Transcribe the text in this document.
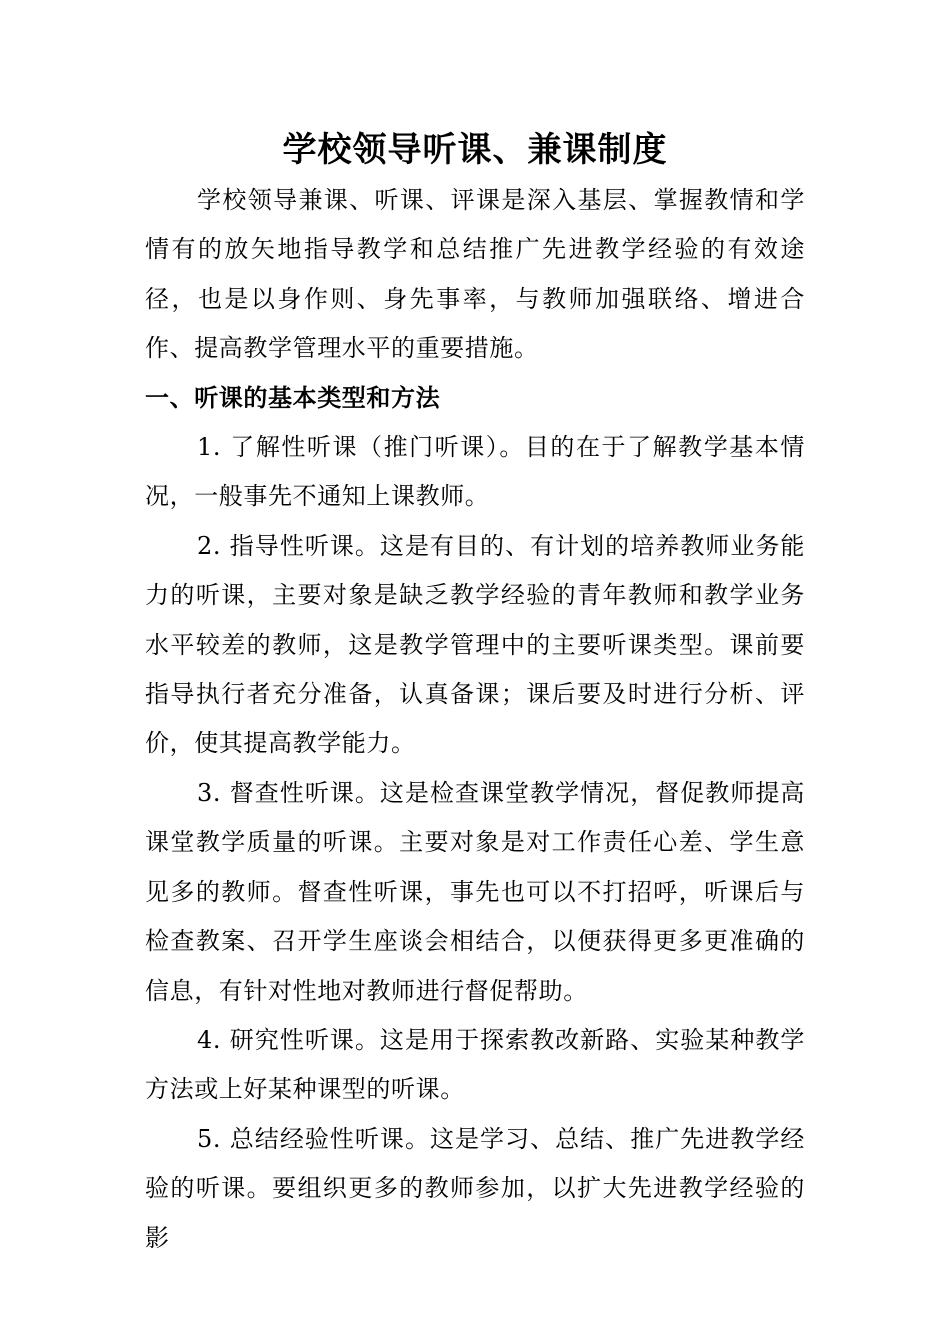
学校领导听课、兼课制度

学校领导兼课、听课、评课是深入基层、掌握教情和学情有的放矢地指导教学和总结推广先进教学经验的有效途径，也是以身作则、身先事率，与教师加强联络、增进合作、提高教学管理水平的重要措施。

一、听课的基本类型和方法

1. 了解性听课（推门听课）。目的在于了解教学基本情况，一般事先不通知上课教师。

2. 指导性听课。这是有目的、有计划的培养教师业务能力的听课，主要对象是缺乏教学经验的青年教师和教学业务水平较差的教师，这是教学管理中的主要听课类型。课前要指导执行者充分准备，认真备课；课后要及时进行分析、评价，使其提高教学能力。

3. 督查性听课。这是检查课堂教学情况，督促教师提高课堂教学质量的听课。主要对象是对工作责任心差、学生意见多的教师。督查性听课，事先也可以不打招呼，听课后与检查教案、召开学生座谈会相结合，以便获得更多更准确的信息，有针对性地对教师进行督促帮助。

4. 研究性听课。这是用于探索教改新路、实验某种教学方法或上好某种课型的听课。

5. 总结经验性听课。这是学习、总结、推广先进教学经验的听课。要组织更多的教师参加，以扩大先进教学经验的影
